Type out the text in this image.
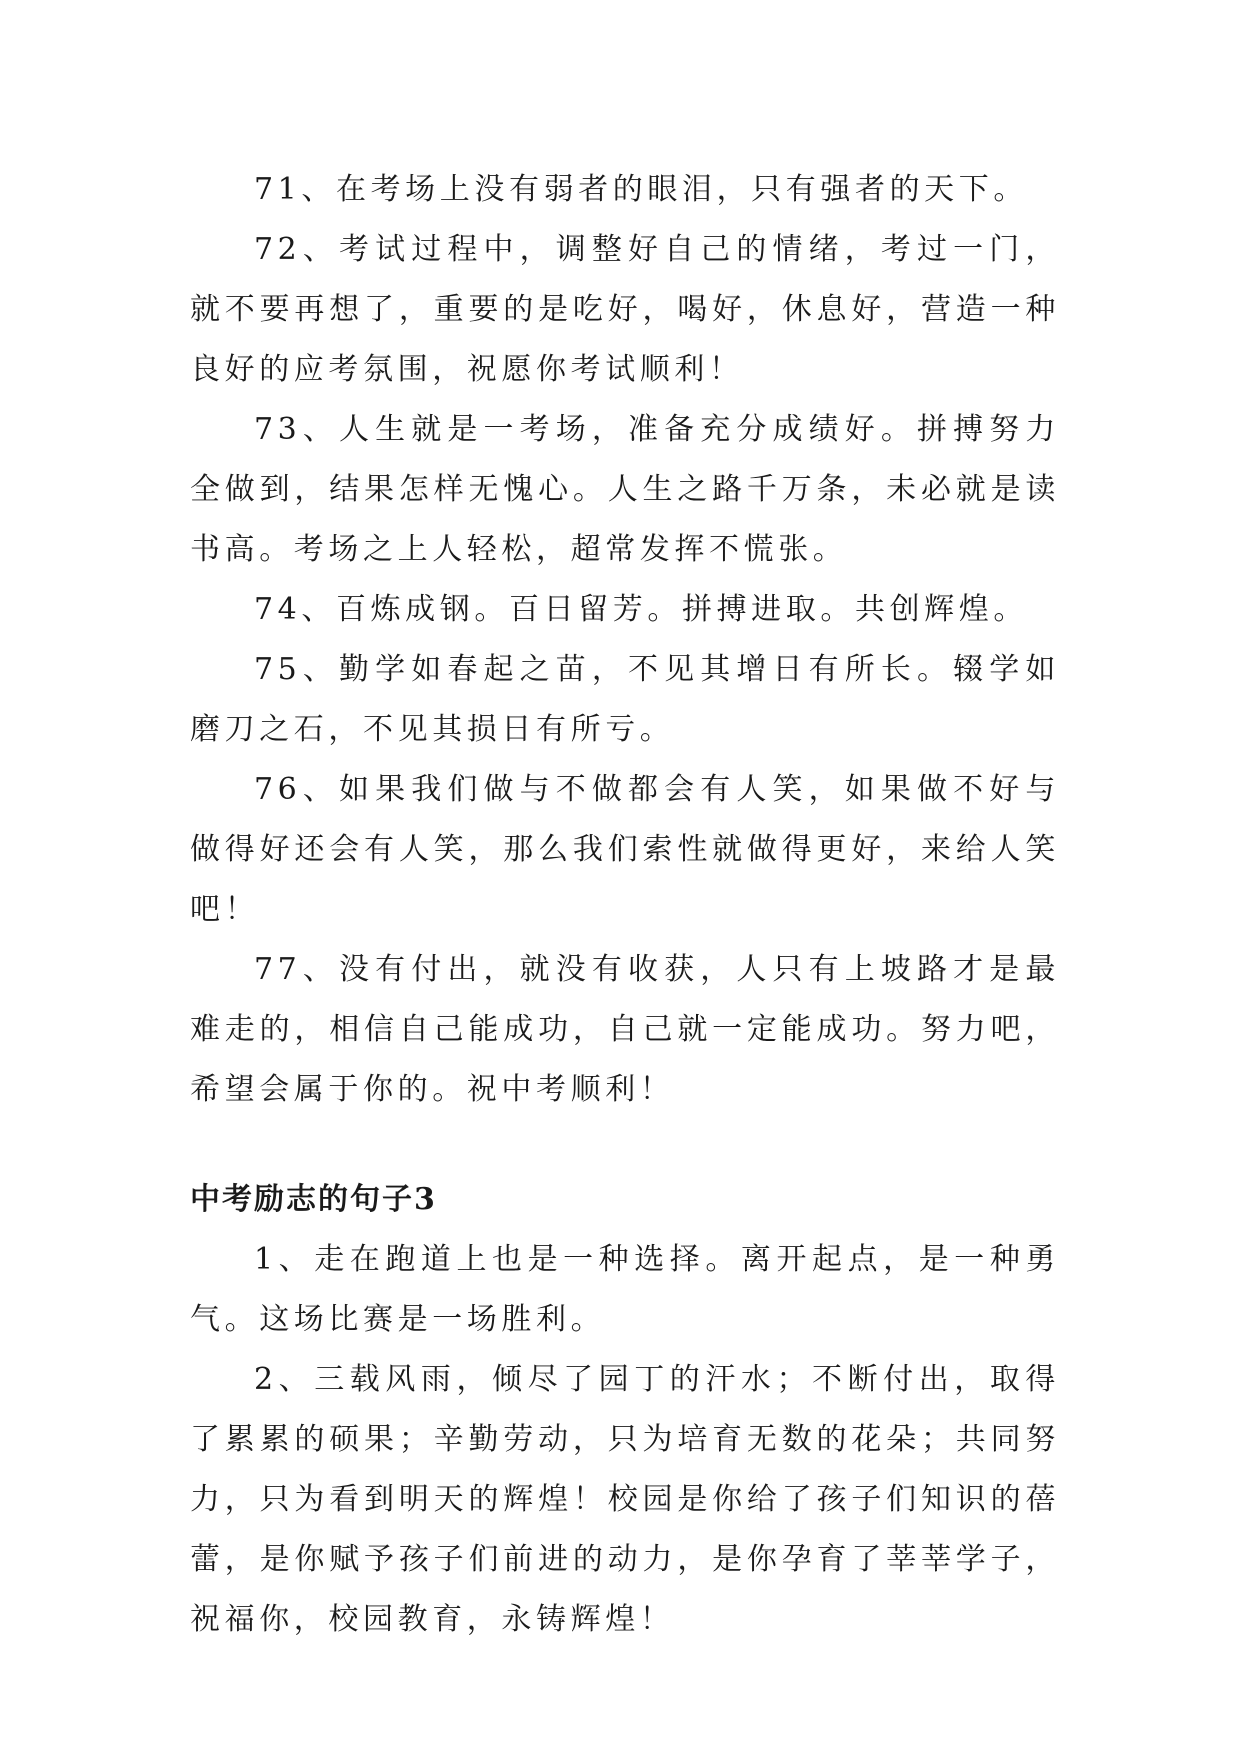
71、在考场上没有弱者的眼泪，只有强者的天下。

72、考试过程中，调整好自己的情绪，考过一门，就不要再想了，重要的是吃好，喝好，休息好，营造一种良好的应考氛围，祝愿你考试顺利！

73、人生就是一考场，准备充分成绩好。拼搏努力全做到，结果怎样无愧心。人生之路千万条，未必就是读书高。考场之上人轻松，超常发挥不慌张。

74、百炼成钢。百日留芳。拼搏进取。共创辉煌。

75、勤学如春起之苗，不见其增日有所长。辍学如磨刀之石，不见其损日有所亏。

76、如果我们做与不做都会有人笑，如果做不好与做得好还会有人笑，那么我们索性就做得更好，来给人笑吧！

77、没有付出，就没有收获，人只有上坡路才是最难走的，相信自己能成功，自己就一定能成功。努力吧，希望会属于你的。祝中考顺利！

中考励志的句子3

1、走在跑道上也是一种选择。离开起点，是一种勇气。这场比赛是一场胜利。

2、三载风雨，倾尽了园丁的汗水；不断付出，取得了累累的硕果；辛勤劳动，只为培育无数的花朵；共同努力，只为看到明天的辉煌！校园是你给了孩子们知识的蓓蕾，是你赋予孩子们前进的动力，是你孕育了莘莘学子，祝福你，校园教育，永铸辉煌！
